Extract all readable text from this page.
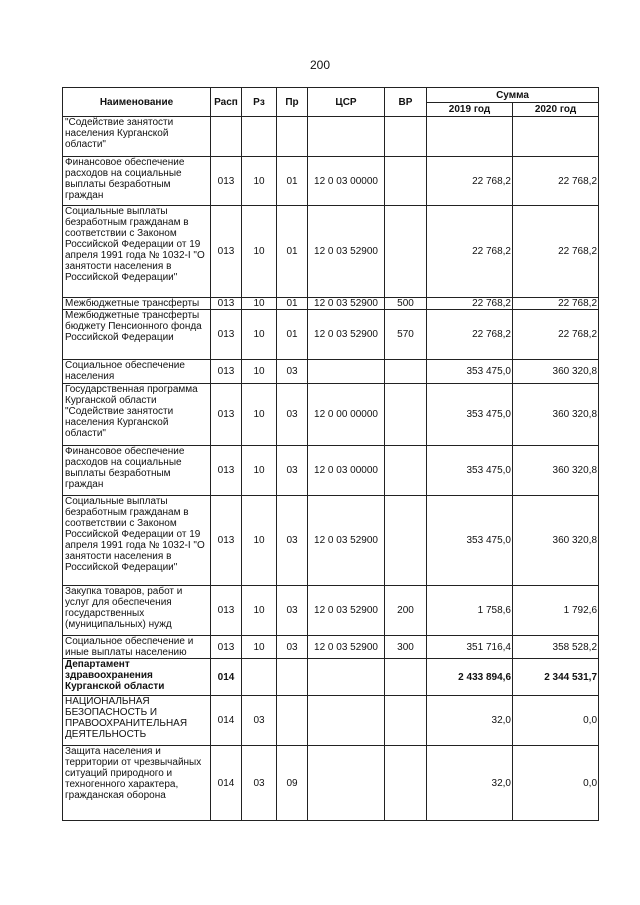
200
Наименование	Расп	Рз	Пр	ЦСР	ВР	Сумма	
						2019 год	2020 год
"Содействие занятости населения Курганской области"							
Финансовое обеспечение расходов на социальные выплаты безработным граждан	013	10	01	12 0 03 00000		22 768,2	22 768,2
Социальные выплаты безработным гражданам в соответствии с Законом Российской Федерации от 19 апреля 1991 года № 1032-I "О занятости населения в Российской Федерации"	013	10	01	12 0 03 52900		22 768,2	22 768,2
Межбюджетные трансферты	013	10	01	12 0 03 52900	500	22 768,2	22 768,2
Межбюджетные трансферты бюджету Пенсионного фонда Российской Федерации	013	10	01	12 0 03 52900	570	22 768,2	22 768,2
Социальное обеспечение населения	013	10	03			353 475,0	360 320,8
Государственная программа Курганской области "Содействие занятости населения Курганской области"	013	10	03	12 0 00 00000		353 475,0	360 320,8
Финансовое обеспечение расходов на социальные выплаты безработным граждан	013	10	03	12 0 03 00000		353 475,0	360 320,8
Социальные выплаты безработным гражданам в соответствии с Законом Российской Федерации от 19 апреля 1991 года № 1032-I "О занятости населения в Российской Федерации"	013	10	03	12 0 03 52900		353 475,0	360 320,8
Закупка товаров, работ и услуг для обеспечения государственных (муниципальных) нужд	013	10	03	12 0 03 52900	200	1 758,6	1 792,6
Социальное обеспечение и иные выплаты населению	013	10	03	12 0 03 52900	300	351 716,4	358 528,2
Департамент здравоохранения Курганской области	014					2 433 894,6	2 344 531,7
НАЦИОНАЛЬНАЯ БЕЗОПАСНОСТЬ И ПРАВООХРАНИТЕЛЬНАЯ ДЕЯТЕЛЬНОСТЬ	014	03				32,0	0,0
Защита населения и территории от чрезвычайных ситуаций природного и техногенного характера, гражданская оборона	014	03	09			32,0	0,0
